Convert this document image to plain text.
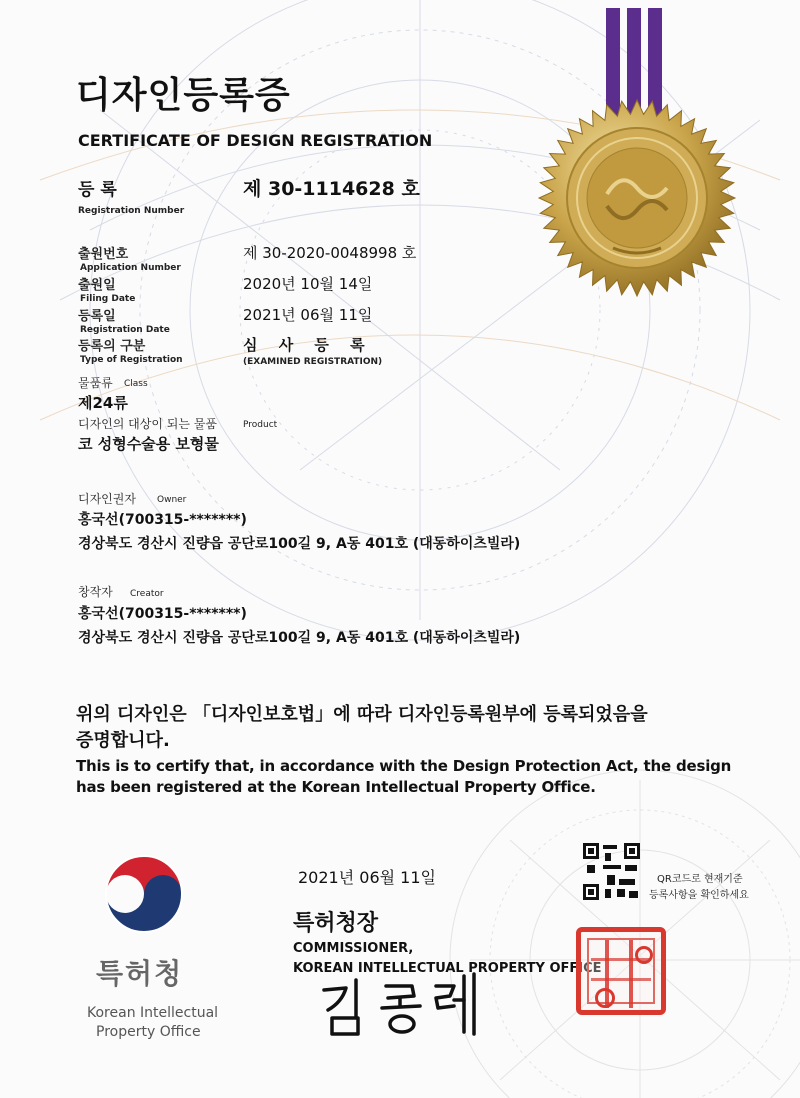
디자인등록증
CERTIFICATE OF DESIGN REGISTRATION
등 록
Registration Number
제 30-1114628 호
출원번호
Application Number
제 30-2020-0048998 호
출원일
Filing Date
2020년 10월 14일
등록일
Registration Date
2021년 06월 11일
등록의 구분
Type of Registration
심 사 등 록
(EXAMINED REGISTRATION)
물품류 Class
제24류
디자인의 대상이 되는 물품	Product
코 성형수술용 보형물
디자인권자 Owner
홍국선(700315-*******)
경상북도 경산시 진량읍 공단로100길 9, A동 401호 (대동하이츠빌라)
창작자 Creator
홍국선(700315-*******)
경상북도 경산시 진량읍 공단로100길 9, A동 401호 (대동하이츠빌라)
위의 디자인은 「디자인보호법」에 따라 디자인등록원부에 등록되었음을
증명합니다.
This is to certify that, in accordance with the Design Protection Act, the design
has been registered at the Korean Intellectual Property Office.
2021년 06월 11일
특허청
Korean Intellectual
Property Office
특허청장
COMMISSIONER,
KOREAN INTELLECTUAL PROPERTY OFFICE
QR코드로 현재기준
등록사항을 확인하세요
